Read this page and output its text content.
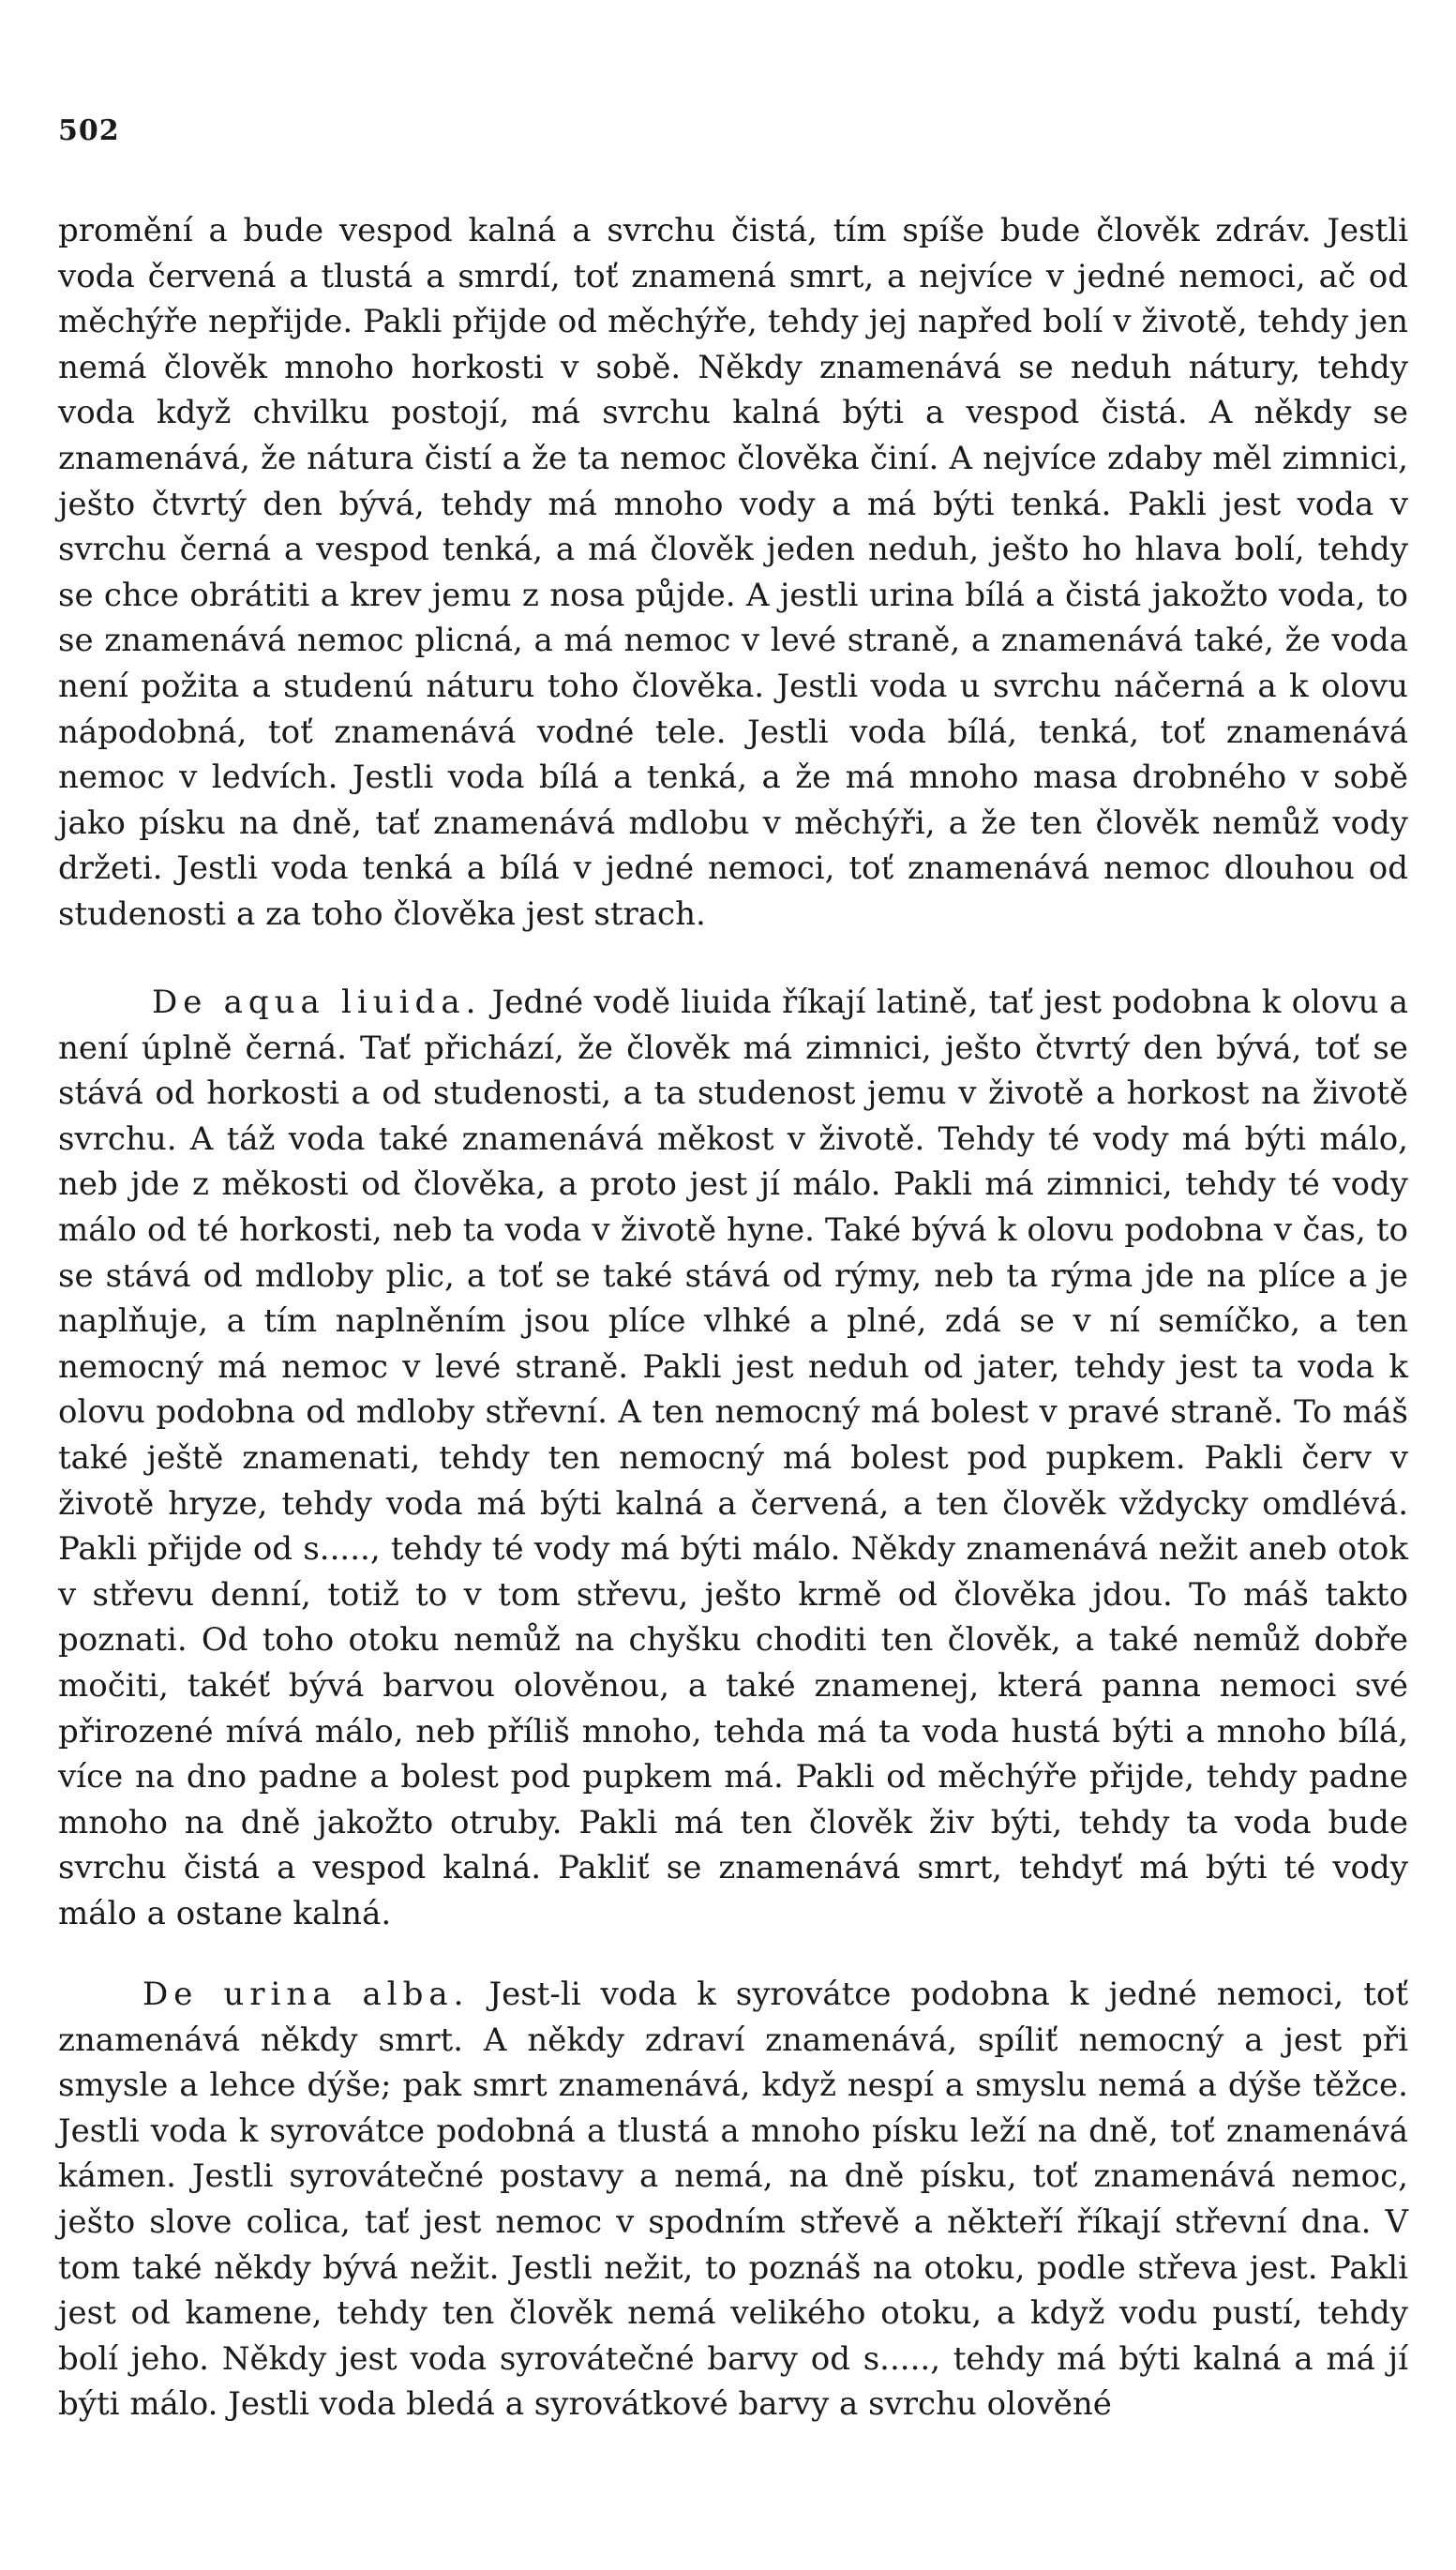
502

promění a bude vespod kalná a svrchu čistá, tím spíše bude člověk zdráv. Jestli voda červená a tlustá a smrdí, toť znamená smrt, a nejvíce v jedné nemoci, ač od měchýře nepřijde. Pakli přijde od měchýře, tehdy jej napřed bolí v životě, tehdy jen nemá člověk mnoho horkosti v sobě. Někdy znamenává se neduh nátury, tehdy voda když chvilku postojí, má svrchu kalná býti a vespod čistá. A někdy se znamenává, že nátura čistí a že ta nemoc člověka činí. A nejvíce zdaby měl zimnici, ješto čtvrtý den bývá, tehdy má mnoho vody a má býti tenká. Pakli jest voda v svrchu černá a vespod tenká, a má člověk jeden neduh, ješto ho hlava bolí, tehdy se chce obrátiti a krev jemu z nosa půjde. A jestli urina bílá a čistá jakožto voda, to se znamenává nemoc plicná, a má nemoc v levé straně, a znamenává také, že voda není požita a studenú náturu toho člověka. Jestli voda u svrchu náčerná a k olovu nápodobná, toť znamenává vodné tele. Jestli voda bílá, tenká, toť znamenává nemoc v ledvích. Jestli voda bílá a tenká, a že má mnoho masa drobného v sobě jako písku na dně, tať znamenává mdlobu v měchýři, a že ten člověk nemůž vody držeti. Jestli voda tenká a bílá v jedné nemoci, toť znamenává nemoc dlouhou od studenosti a za toho člověka jest strach.

De aqua liuida. Jedné vodě liuida říkají latině, tať jest podobna k olovu a není úplně černá. Tať přichází, že člověk má zimnici, ješto čtvrtý den bývá, toť se stává od horkosti a od studenosti, a ta studenost jemu v životě a horkost na životě svrchu. A táž voda také znamenává měkost v životě. Tehdy té vody má býti málo, neb jde z měkosti od člověka, a proto jest jí málo. Pakli má zimnici, tehdy té vody málo od té horkosti, neb ta voda v životě hyne. Také bývá k olovu podobna v čas, to se stává od mdloby plic, a toť se také stává od rýmy, neb ta rýma jde na plíce a je naplňuje, a tím naplněním jsou plíce vlhké a plné, zdá se v ní semíčko, a ten nemocný má nemoc v levé straně. Pakli jest neduh od jater, tehdy jest ta voda k olovu podobna od mdloby střevní. A ten nemocný má bolest v pravé straně. To máš také ještě znamenati, tehdy ten nemocný má bolest pod pupkem. Pakli červ v životě hryze, tehdy voda má býti kalná a červená, a ten člověk vždycky omdlévá. Pakli přijde od s....., tehdy té vody má býti málo. Někdy znamenává nežit aneb otok v střevu denní, totiž to v tom střevu, ješto krmě od člověka jdou. To máš takto poznati. Od toho otoku nemůž na chyšku choditi ten člověk, a také nemůž dobře močiti, takéť bývá barvou olověnou, a také znamenej, která panna nemoci své přirozené mívá málo, neb příliš mnoho, tehda má ta voda hustá býti a mnoho bílá, více na dno padne a bolest pod pupkem má. Pakli od měchýře přijde, tehdy padne mnoho na dně jakožto otruby. Pakli má ten člověk živ býti, tehdy ta voda bude svrchu čistá a vespod kalná. Pakliť se znamenává smrt, tehdyť má býti té vody málo a ostane kalná.

De urina alba. Jest-li voda k syrovátce podobna k jedné nemoci, toť znamenává někdy smrt. A někdy zdraví znamenává, spíliť nemocný a jest při smysle a lehce dýše; pak smrt znamenává, když nespí a smyslu nemá a dýše těžce. Jestli voda k syrovátce podobná a tlustá a mnoho písku leží na dně, toť znamenává kámen. Jestli syrovátečné postavy a nemá, na dně písku, toť znamenává nemoc, ješto slove colica, tať jest nemoc v spodním střevě a někteří říkají střevní dna. V tom také někdy bývá nežit. Jestli nežit, to poznáš na otoku, podle střeva jest. Pakli jest od kamene, tehdy ten člověk nemá velikého otoku, a když vodu pustí, tehdy bolí jeho. Někdy jest voda syrovátečné barvy od s....., tehdy má býti kalná a má jí býti málo. Jestli voda bledá a syrovátkové barvy a svrchu olověné
